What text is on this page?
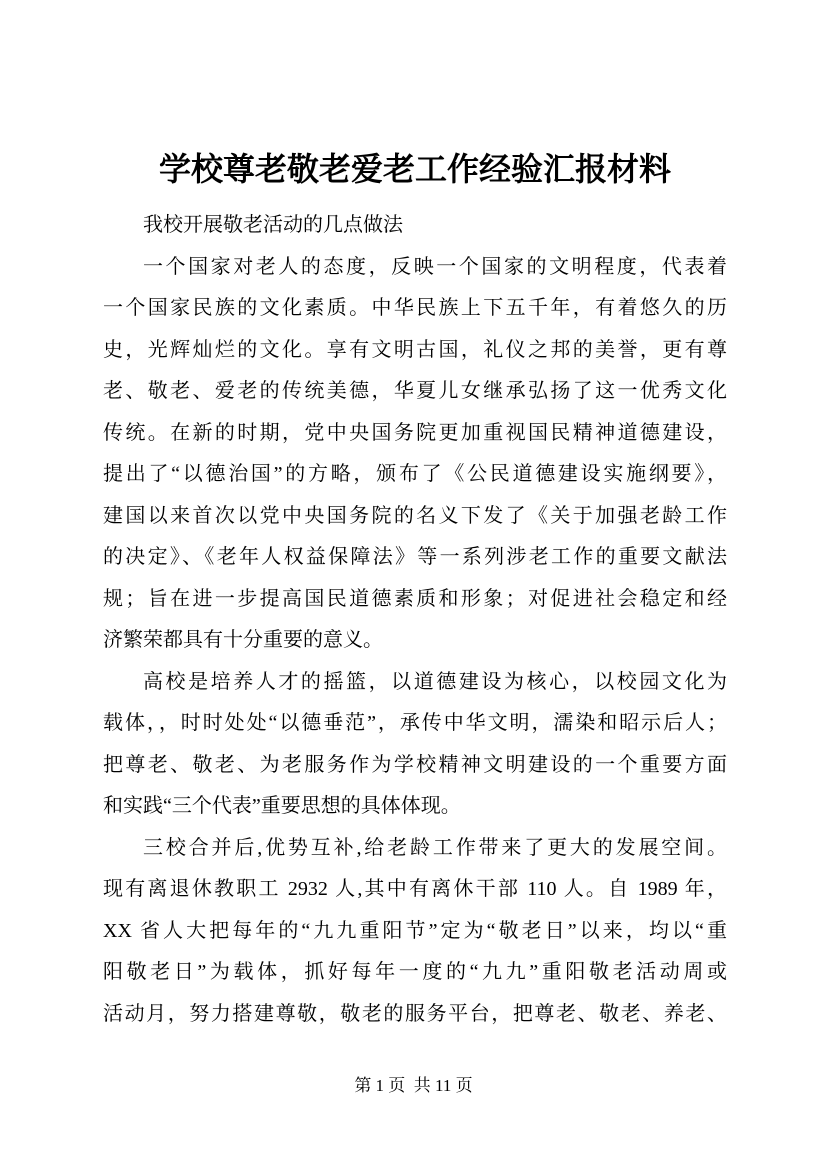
学校尊老敬老爱老工作经验汇报材料
我校开展敬老活动的几点做法
一个国家对老人的态度，反映一个国家的文明程度，代表着
一个国家民族的文化素质。中华民族上下五千年，有着悠久的历
史，光辉灿烂的文化。享有文明古国，礼仪之邦的美誉，更有尊
老、敬老、爱老的传统美德，华夏儿女继承弘扬了这一优秀文化
传统。在新的时期，党中央国务院更加重视国民精神道德建设，
提出了“以德治国”的方略，颁布了《公民道德建设实施纲要》，
建国以来首次以党中央国务院的名义下发了《关于加强老龄工作
的决定》、《老年人权益保障法》等一系列涉老工作的重要文献法
规；旨在进一步提高国民道德素质和形象；对促进社会稳定和经
济繁荣都具有十分重要的意义。
高校是培养人才的摇篮，以道德建设为核心，以校园文化为
载体，，时时处处“以德垂范”，承传中华文明，濡染和昭示后人；
把尊老、敬老、为老服务作为学校精神文明建设的一个重要方面
和实践“三个代表”重要思想的具体体现。
三校合并后,优势互补,给老龄工作带来了更大的发展空间。
现有离退休教职工 2932 人,其中有离休干部 110 人。自 1989 年，
XX 省人大把每年的“九九重阳节”定为“敬老日”以来，均以“重
阳敬老日”为载体，抓好每年一度的“九九”重阳敬老活动周或
活动月，努力搭建尊敬，敬老的服务平台，把尊老、敬老、养老、
第 1 页  共 11 页
